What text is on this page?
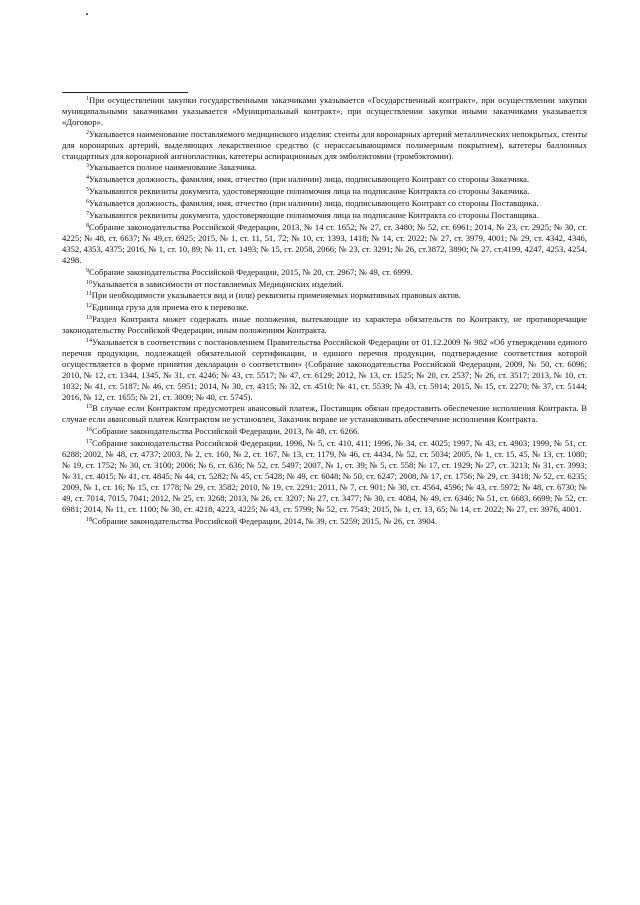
$^1$При осуществлении закупки государственными заказчиками указывается «Государственный контракт», при осуществлении закупки муниципальными заказчиками указывается «Муниципальный контракт», при осуществлении закупки иными заказчиками указывается «Договор».

$^2$Указывается наименование поставляемого медицинского изделия: стенты для коронарных артерий металлических непокрытых, стенты для коронарных артерий, выделяющих лекарственное средство (с нерассасывающимся полимерным покрытием), катетеры баллонных стандартных для коронарной ангиопластики, катетеры аспирационных для эмболэктомии (тромбэктомии).

$^3$Указывается полное наименование Заказчика.

$^4$Указывается должность, фамилия, имя, отчество (при наличии) лица, подписывающего Контракт со стороны Заказчика.

$^5$Указываются реквизиты документа, удостоверяющие полномочия лица на подписание Контракта со стороны Заказчика.

$^6$Указывается должность, фамилия, имя, отчество (при наличии) лица, подписывающего Контракт со стороны Поставщика.

$^7$Указываются реквизиты документа, удостоверяющие полномочия лица на подписание Контракта со стороны Поставщика.

$^8$Собрание законодательства Российской Федерации, 2013, № 14 ст. 1652; № 27, ст. 3480; № 52, ст. 6961; 2014, № 23, ст. 2925; № 30, ст. 4225; № 48, ст. 6637; № 49,ст. 6925; 2015, № 1, ст. 11, 51, 72; № 10, ст. 1393, 1418; № 14, ст. 2022; № 27, ст. 3979, 4001; № 29, ст. 4342, 4346, 4352, 4353, 4375; 2016, № 1, ст. 10, 89; № 11, ст. 1493; № 15, ст. 2058, 2066; № 23, ст. 3291; № 26, ст.3872, 3890; № 27, ст.4199, 4247, 4253, 4254, 4298.

$^9$Собрание законодательства Российской Федерации, 2015, № 20, ст. 2967; № 49, ст. 6999.

$^{10}$Указывается в зависимости от поставляемых Медицинских изделий.

$^{11}$При необходимости указывается вид и (или) реквизиты применяемых нормативных правовых актов.

$^{12}$Единица груза для приема его к перевозке.

$^{13}$Раздел Контракта может содержать иные положения, вытекающие из характера обязательств по Контракту, не противоречащие законодательству Российской Федерации, иным положениям Контракта.

$^{14}$Указывается в соответствии с постановлением Правительства Российской Федерации от 01.12.2009 № 982 «Об утверждении единого перечня продукции, подлежащей обязательной сертификации, и единого перечня продукции, подтверждение соответствия которой осуществляется в форме принятия декларации о соответствии» (Собрание законодательства Российской Федерации, 2009, № 50, ст. 6096; 2010, № 12, ст. 1344, 1345, № 31, ст. 4246; № 43, ст. 5517; № 47, ст. 6129; 2012, № 13, ст. 1525; № 20, ст. 2537; № 26, ст. 3517; 2013, № 10, ст. 1032; № 41, ст. 5187; № 46, ст. 5951; 2014, № 30, ст. 4315; № 32, ст. 4510; № 41, ст. 5539; № 43, ст. 5914; 2015, № 15, ст. 2270; № 37, ст. 5144; 2016, № 12, ст. 1655; № 21, ст. 3009; № 40, ст. 5745).

$^{15}$В случае если Контрактом предусмотрен авансовый платеж, Поставщик обязан предоставить обеспечение исполнения Контракта. В случае если авансовый платеж Контрактом не установлен, Заказчик вправе не устанавливать обеспечение исполнения Контракта.

$^{16}$Собрание законодательства Российской Федерации, 2013, № 48, ст. 6266.

$^{17}$Собрание законодательства Российской Федерации, 1996, № 5, ст. 410, 411; 1996, № 34, ст. 4025; 1997, № 43, ст. 4903; 1999, № 51, ст. 6288; 2002, № 48, ст. 4737; 2003, № 2, ст. 160, № 2, ст. 167, № 13, ст. 1179, № 46, ст. 4434, № 52, ст. 5034; 2005, № 1, ст. 15, 45, № 13, ст. 1080; № 19, ст. 1752; № 30, ст. 3100; 2006; № 6, ст. 636; № 52, ст. 5497; 2007, № 1, ст. 39; № 5, ст. 558; № 17, ст. 1929; № 27, ст. 3213; № 31, ст. 3993; № 31, ст. 4015; № 41, ст. 4845; № 44, ст. 5282; № 45, ст. 5428; № 49, ст. 6048; № 50, ст. 6247; 2008, № 17, ст. 1756; № 29, ст. 3418; № 52, ст. 6235; 2009, № 1, ст. 16; № 15, ст. 1778; № 29, ст. 3582; 2010, № 19, ст. 2291; 2011, № 7, ст. 901; № 30, ст. 4564, 4596; № 43, ст. 5972; № 48, ст. 6730; № 49, ст. 7014, 7015, 7041; 2012, № 25, ст. 3268; 2013, № 26, ст. 3207; № 27, ст. 3477; № 30, ст. 4084, № 49, ст. 6346; № 51, ст. 6683, 6699; № 52, ст. 6981; 2014, № 11, ст. 1100; № 30, ст. 4218, 4223, 4225; № 43, ст. 5799; № 52, ст. 7543; 2015, № 1, ст. 13, 65; № 14, ст. 2022; № 27, ст. 3976, 4001.

$^{18}$Собрание законодательства Российской Федерации, 2014, № 39, ст. 5259; 2015, № 26, ст. 3904.
